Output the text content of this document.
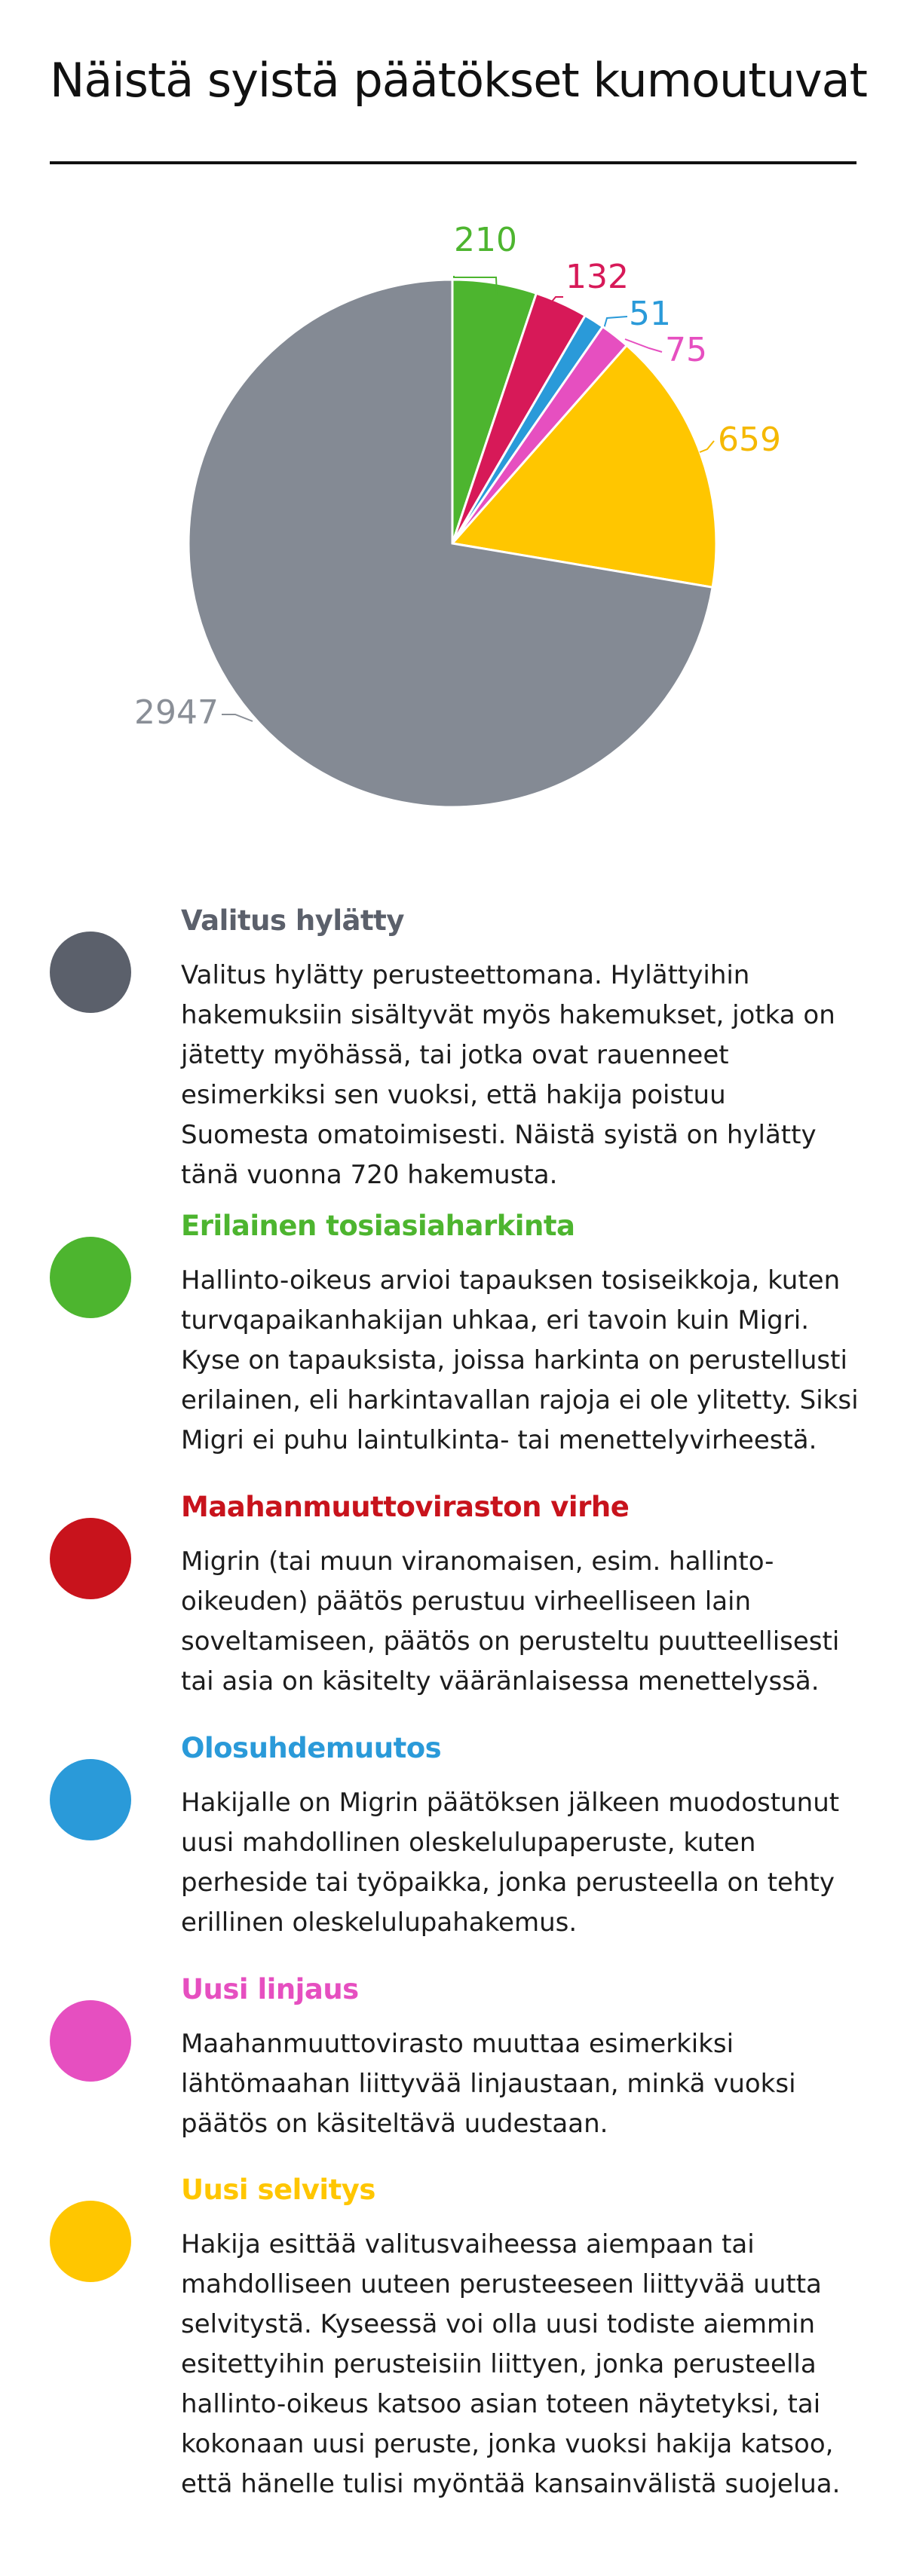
Näistä syistä päätökset kumoutuvat
210
132
51
75
659
2947
Valitus hylätty
Valitus hylätty perusteettomana. Hylättyihin hakemuksiin sisältyvät myös hakemukset, jotka on jätetty myöhässä, tai jotka ovat rauenneet esimerkiksi sen vuoksi, että hakija poistuu Suomesta omatoimisesti. Näistä syistä on hylätty tänä vuonna 720 hakemusta.
Erilainen tosiasiaharkinta
Hallinto-oikeus arvioi tapauksen tosiseikkoja, kuten turvqapaikanhakijan uhkaa, eri tavoin kuin Migri. Kyse on tapauksista, joissa harkinta on perustellusti erilainen, eli harkintavallan rajoja ei ole ylitetty. Siksi Migri ei puhu laintulkinta- tai menettelyvirheestä.
Maahanmuuttoviraston virhe
Migrin (tai muun viranomaisen, esim. hallinto-oikeuden) päätös perustuu virheelliseen lain soveltamiseen, päätös on perusteltu puutteellisesti tai asia on käsitelty vääränlaisessa menettelyssä.
Olosuhdemuutos
Hakijalle on Migrin päätöksen jälkeen muodostunut uusi mahdollinen oleskelulupaperuste, kuten perheside tai työpaikka, jonka perusteella on tehty erillinen oleskelulupahakemus.
Uusi linjaus
Maahanmuuttovirasto muuttaa esimerkiksi lähtömaahan liittyvää linjaustaan, minkä vuoksi päätös on käsiteltävä uudestaan.
Uusi selvitys
Hakija esittää valitusvaiheessa aiempaan tai mahdolliseen uuteen perusteeseen liittyvää uutta selvitystä. Kyseessä voi olla uusi todiste aiemmin esitettyihin perusteisiin liittyen, jonka perusteella hallinto-oikeus katsoo asian toteen näytetyksi, tai kokonaan uusi peruste, jonka vuoksi hakija katsoo, että hänelle tulisi myöntää kansainvälistä suojelua.
